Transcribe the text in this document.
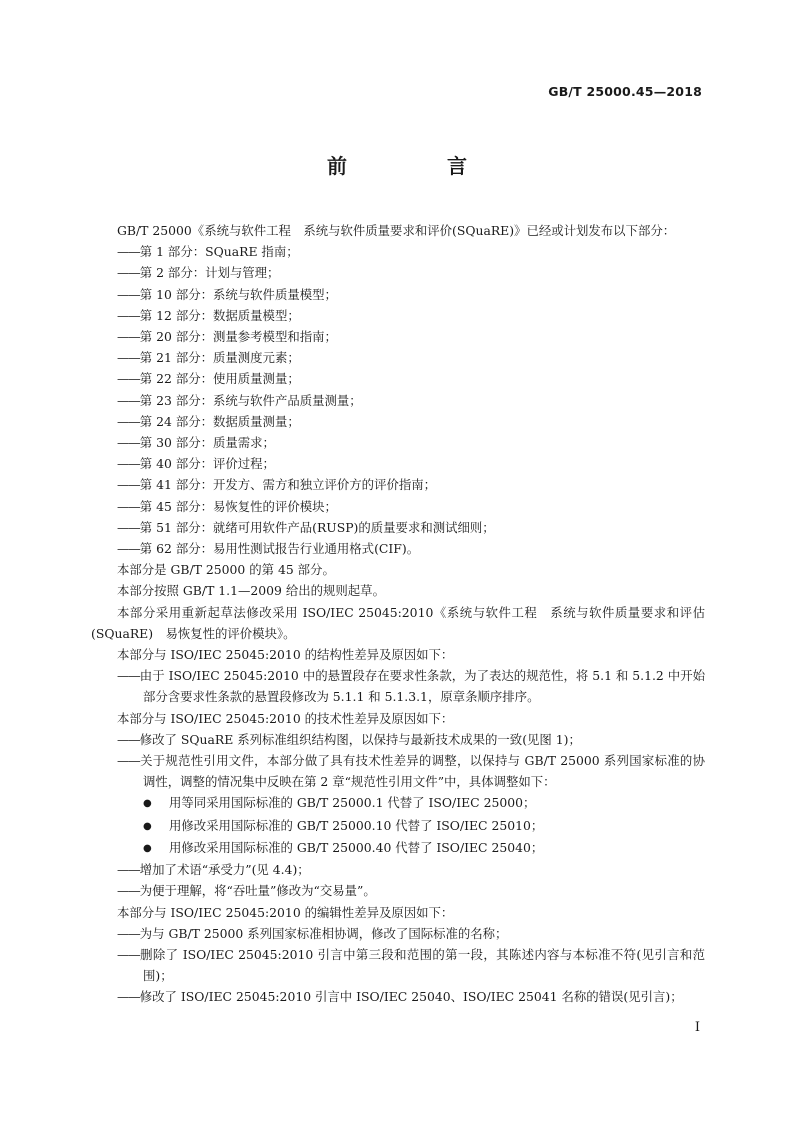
GB/T 25000.45—2018
前　言

GB/T 25000《系统与软件工程　系统与软件质量要求和评价(SQuaRE)》已经或计划发布以下部分：

——第 1 部分：SQuaRE 指南；

——第 2 部分：计划与管理；

——第 10 部分：系统与软件质量模型；

——第 12 部分：数据质量模型；

——第 20 部分：测量参考模型和指南；

——第 21 部分：质量测度元素；

——第 22 部分：使用质量测量；

——第 23 部分：系统与软件产品质量测量；

——第 24 部分：数据质量测量；

——第 30 部分：质量需求；

——第 40 部分：评价过程；

——第 41 部分：开发方、需方和独立评价方的评价指南；

——第 45 部分：易恢复性的评价模块；

——第 51 部分：就绪可用软件产品(RUSP)的质量要求和测试细则；

——第 62 部分：易用性测试报告行业通用格式(CIF)。

本部分是 GB/T 25000 的第 45 部分。

本部分按照 GB/T 1.1—2009 给出的规则起草。

本部分采用重新起草法修改采用 ISO/IEC 25045:2010《系统与软件工程　系统与软件质量要求和评估(SQuaRE)　易恢复性的评价模块》。

本部分与 ISO/IEC 25045:2010 的结构性差异及原因如下：

——由于 ISO/IEC 25045:2010 中的悬置段存在要求性条款，为了表达的规范性，将 5.1 和 5.1.2 中开始部分含要求性条款的悬置段修改为 5.1.1 和 5.1.3.1，原章条顺序排序。

本部分与 ISO/IEC 25045:2010 的技术性差异及原因如下：

——修改了 SQuaRE 系列标准组织结构图，以保持与最新技术成果的一致(见图 1)；

——关于规范性引用文件，本部分做了具有技术性差异的调整，以保持与 GB/T 25000 系列国家标准的协调性，调整的情况集中反映在第 2 章“规范性引用文件”中，具体调整如下：

● 用等同采用国际标准的 GB/T 25000.1 代替了 ISO/IEC 25000；

● 用修改采用国际标准的 GB/T 25000.10 代替了 ISO/IEC 25010；

● 用修改采用国际标准的 GB/T 25000.40 代替了 ISO/IEC 25040；

——增加了术语“承受力”(见 4.4)；

——为便于理解，将“吞吐量”修改为“交易量”。

本部分与 ISO/IEC 25045:2010 的编辑性差异及原因如下：

——为与 GB/T 25000 系列国家标准相协调，修改了国际标准的名称；

——删除了 ISO/IEC 25045:2010 引言中第三段和范围的第一段，其陈述内容与本标准不符(见引言和范围)；

——修改了 ISO/IEC 25045:2010 引言中 ISO/IEC 25040、ISO/IEC 25041 名称的错误(见引言)；

I
